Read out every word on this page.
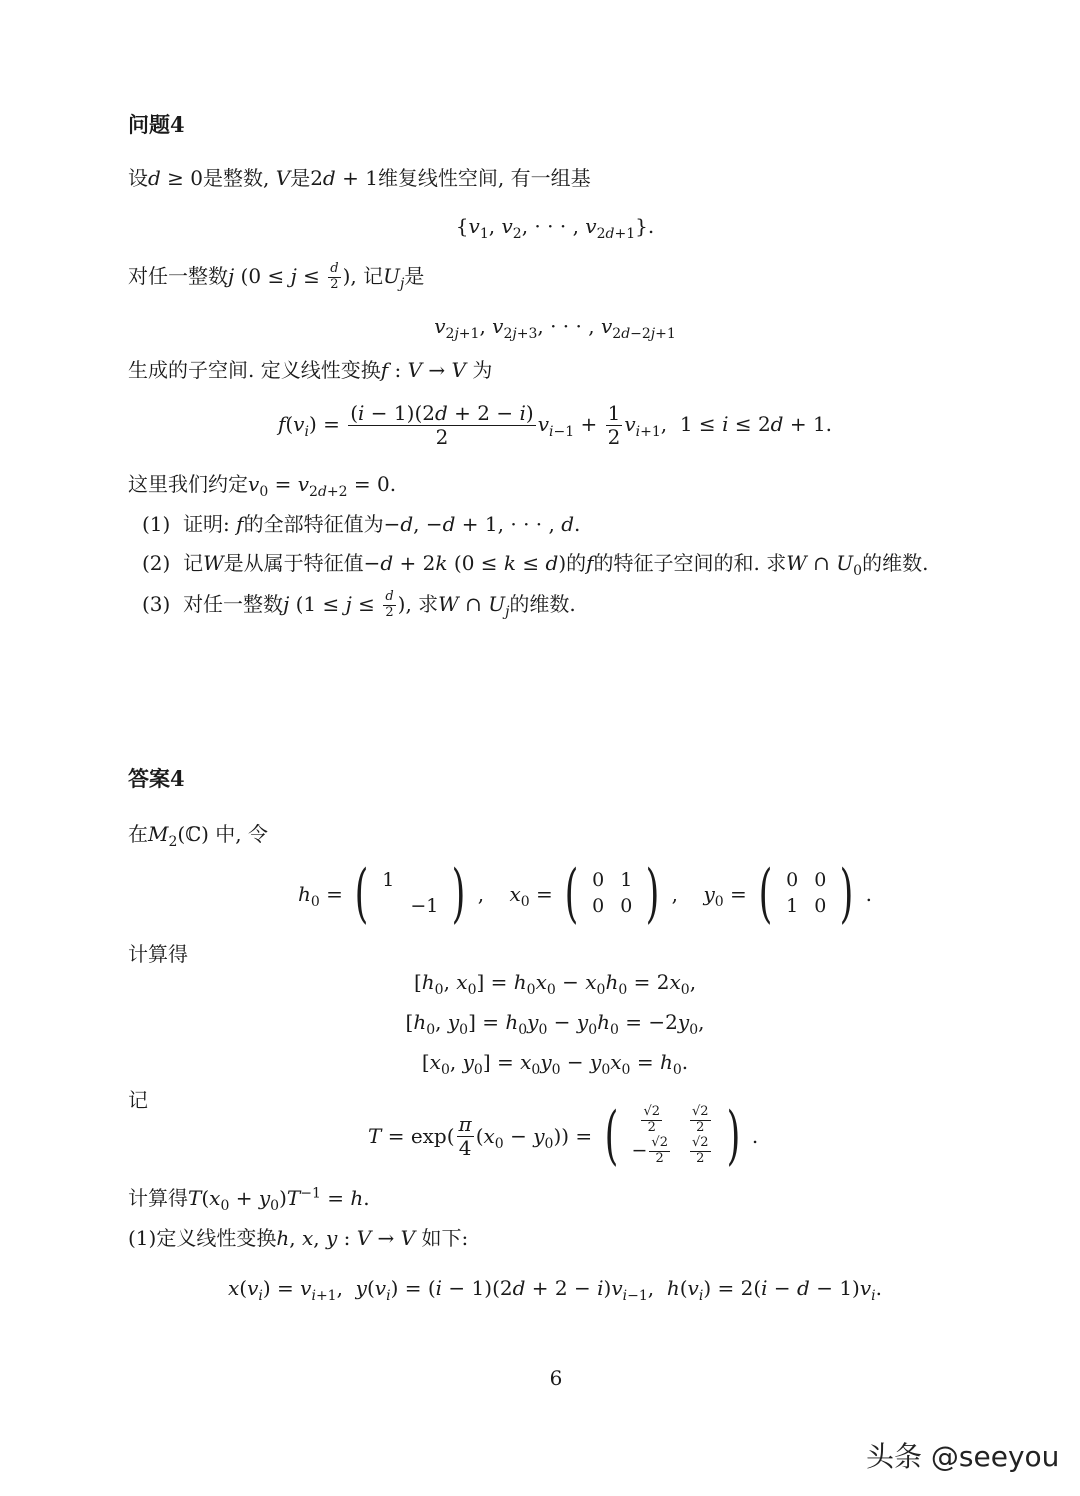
问题4
设d ≥ 0是整数, V是2d + 1维复线性空间, 有一组基
{$v_1$, $v_2$, · · · , $v_{2d+1}$}.
对任一整数j ($0 \le j \le \frac{d}{2}$ ), 记$U_j$是
$v_{2j+1}$, $v_{2j+3}$, · · · , $v_{2d-2j+1}$
生成的子空间. 定义线性变换f : V → V 为
$f(v_i) = \frac{(i - 1)(2d + 2 - i)}{2} v_{i-1} + \frac{1}{2} v_{i+1}$,  1 ≤ i ≤ 2d + 1.
这里我们约定$v_0 = v_{2d+2} = 0$.
(1) 证明: f的全部特征值为−d, −d + 1, · · · , d.
(2) 记W是从属于特征值−d + 2k (0 ≤ k ≤ d)的f的特征子空间的和. 求W ∩ $U_0$的维数.
(3) 对任一整数j ($1 \le j \le \frac{d}{2}$ ), 求W ∩ $U_j$的维数.
答案4
在$M_2(ℂ)$ 中, 令
$h_0$ = ( 1	
	−1 ) ,    $x_0$ = ( 0	1
0	0 ) ,    $y_0$ = ( 0	0
1	0 ) .
计算得
[$h_0$, $x_0] = h_0x_0 - x_0h_0 = 2x_0$,
[$h_0$, $y_0] = h_0y_0 - y_0h_0 = -2y_0$,
[$x_0$, $y_0] = x_0y_0 - y_0x_0 = h_0$.
记
$T = \exp( \frac{\pi}{4} (x_0 - y_0))$ = ( $\frac{√2}{2}$	$\frac{√2}{2}$

− $\frac{√2}{2}$	$\frac{√2}{2}$ ) .
计算得$T(x_0 + y_0)T^{-1} = h$.
(1)定义线性变换h, x, y : V → V 如下:
$x(v_i) = v_{i+1}$,  $y(v_i) = (i - 1)(2d + 2 - i)v_{i-1}$,  $h(v_i) = 2(i - d - 1)v_i$.
6
头条 @seeyou
